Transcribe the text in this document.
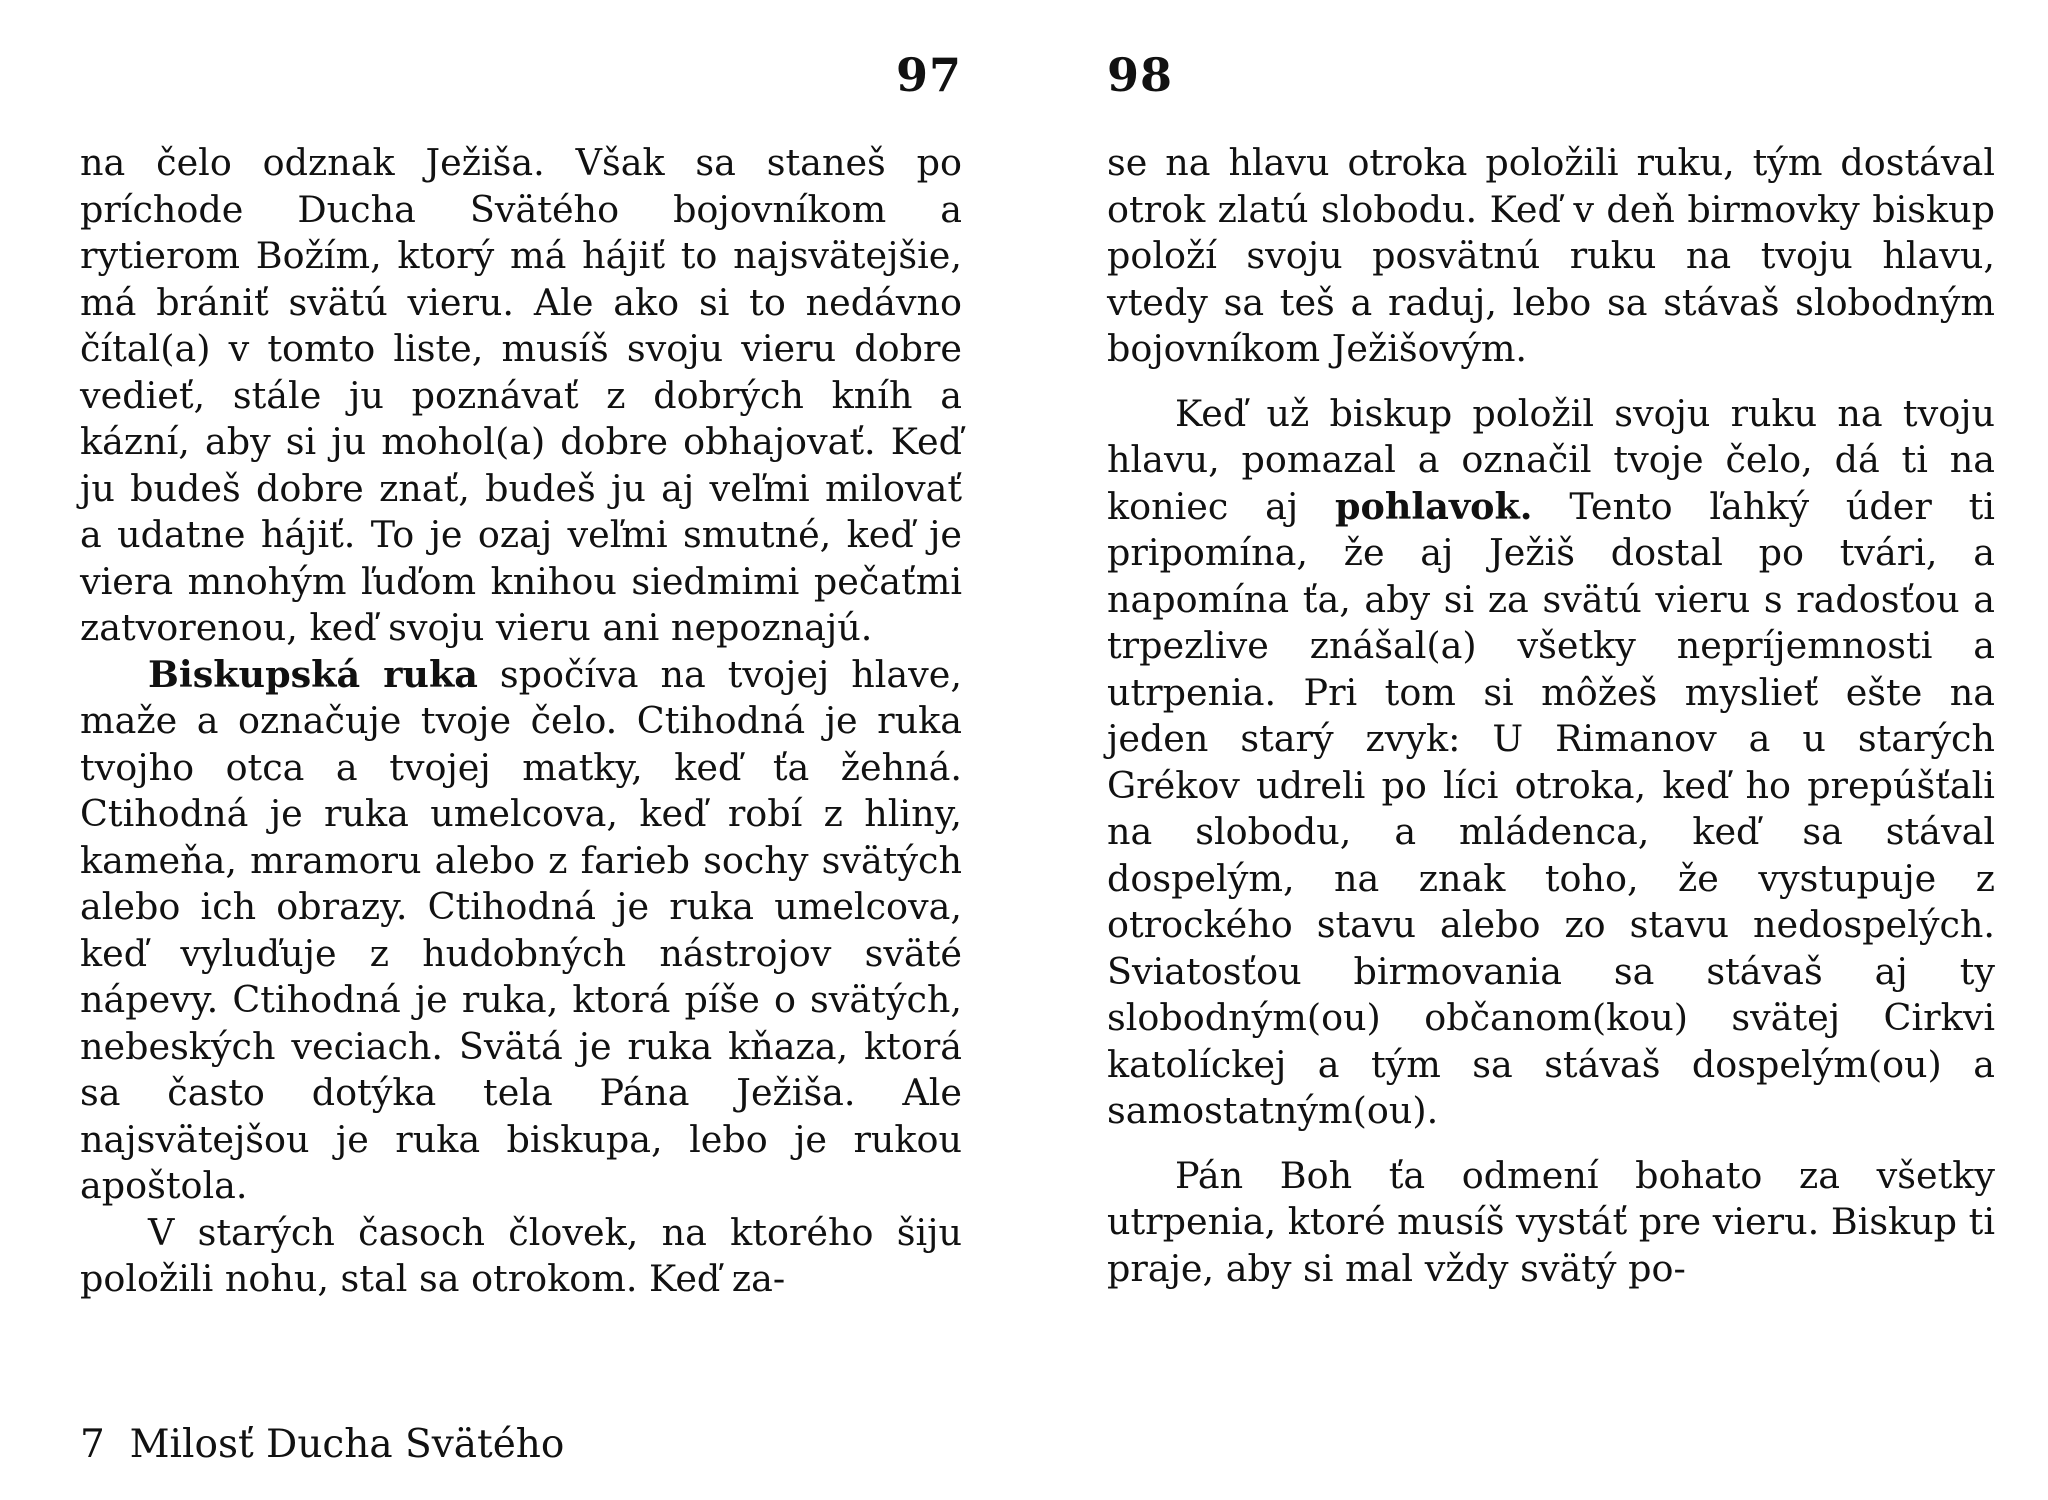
97

na čelo odznak Ježiša. Však sa staneš po príchode Ducha Svätého bojovníkom a rytierom Božím, ktorý má hájiť to najsvätejšie, má brániť svätú vieru. Ale ako si to nedávno čítal(a) v tomto liste, musíš svoju vieru dobre vedieť, stále ju poznávať z dobrých kníh a kázní, aby si ju mohol(a) dobre obhajovať. Keď ju budeš dobre znať, budeš ju aj veľmi milovať a udatne hájiť. To je ozaj veľmi smutné, keď je viera mnohým ľuďom knihou siedmimi pečaťmi zatvorenou, keď svoju vieru ani nepoznajú.

Biskupská ruka spočíva na tvojej hlave, maže a označuje tvoje čelo. Ctihodná je ruka tvojho otca a tvojej matky, keď ťa žehná. Ctihodná je ruka umelcova, keď robí z hliny, kameňa, mramoru alebo z farieb sochy svätých alebo ich obrazy. Ctihodná je ruka umelcova, keď vyluďuje z hudobných nástrojov sväté nápevy. Ctihodná je ruka, ktorá píše o svätých, nebeských veciach. Svätá je ruka kňaza, ktorá sa často dotýka tela Pána Ježiša. Ale najsvätejšou je ruka biskupa, lebo je rukou apoštola.

V starých časoch človek, na ktorého šiju položili nohu, stal sa otrokom. Keď za-

7  Milosť Ducha Svätého
98

se na hlavu otroka položili ruku, tým dostával otrok zlatú slobodu. Keď v deň birmovky biskup položí svoju posvätnú ruku na tvoju hlavu, vtedy sa teš a raduj, lebo sa stávaš slobodným bojovníkom Ježišovým.

Keď už biskup položil svoju ruku na tvoju hlavu, pomazal a označil tvoje čelo, dá ti na koniec aj pohlavok. Tento ľahký úder ti pripomína, že aj Ježiš dostal po tvári, a napomína ťa, aby si za svätú vieru s radosťou a trpezlive znášal(a) všetky nepríjemnosti a utrpenia. Pri tom si môžeš myslieť ešte na jeden starý zvyk: U Rimanov a u starých Grékov udreli po líci otroka, keď ho prepúšťali na slobodu, a mládenca, keď sa stával dospelým, na znak toho, že vystupuje z otrockého stavu alebo zo stavu nedospelých. Sviatosťou birmovania sa stávaš aj ty slobodným(ou) občanom(kou) svätej Cirkvi katolíckej a tým sa stávaš dospelým(ou) a samostatným(ou).

Pán Boh ťa odmení bohato za všetky utrpenia, ktoré musíš vystáť pre vieru. Biskup ti praje, aby si mal vždy svätý po-
